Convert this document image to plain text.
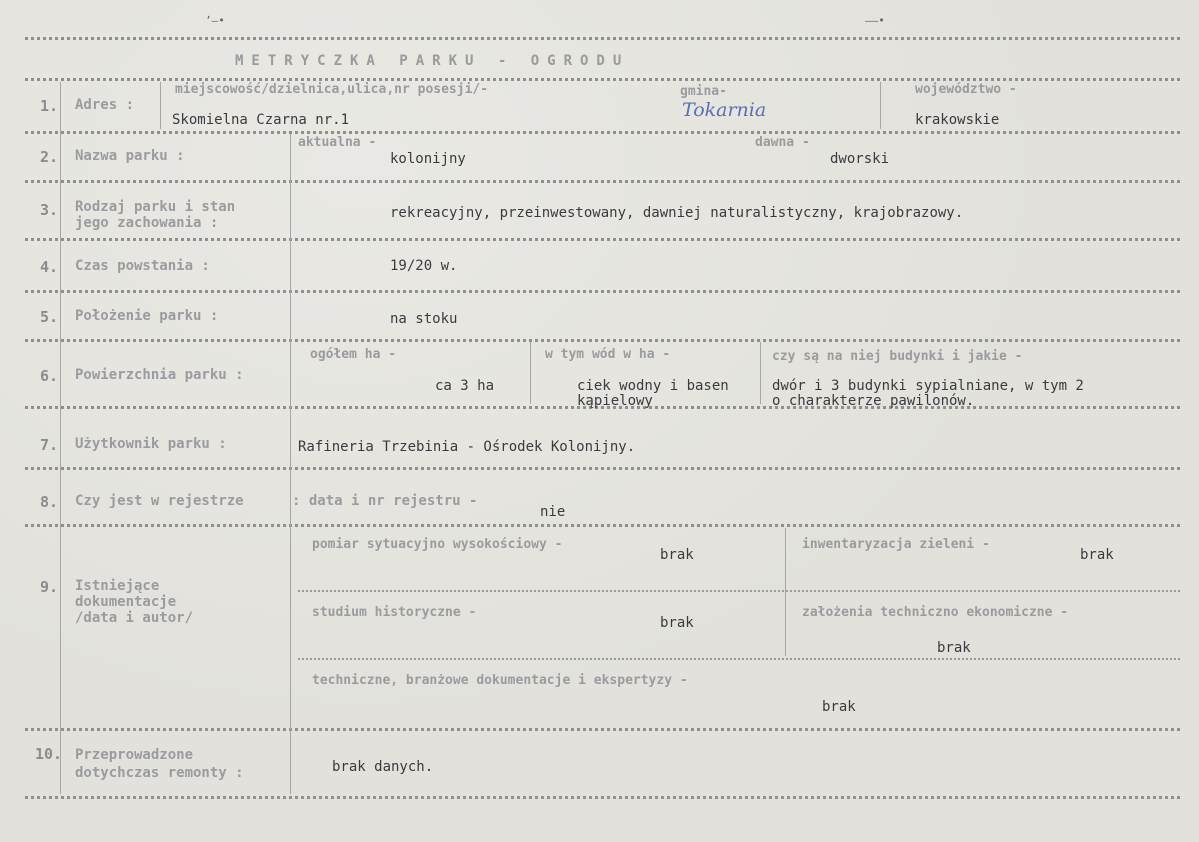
ʼ–•	––•
METRYCZKA PARKU - OGRODU
1. Adres :
miejscowość/dzielnica,ulica,nr posesji/-	gmina-	województwo -
Skomielna Czarna nr.1	Tokarnia	krakowskie
2. Nazwa parku :
aktualna -	dawna -
kolonijny	dworski
3. Rodzaj parku i stan
jego zachowania :
rekreacyjny, przeinwestowany, dawniej naturalistyczny, krajobrazowy.
4. Czas powstania :	19/20 w.
5. Położenie parku :	na stoku
6. Powierzchnia parku :
ogółem ha -	w tym wód w ha -	czy są na niej budynki i jakie -
ca 3 ha	ciek wodny i basen
kąpielowy
dwór i 3 budynki sypialniane, w tym 2
o charakterze pawilonów.
7. Użytkownik parku :	Rafineria Trzebinia - Ośrodek Kolonijny.
8. Czy jest w rejestrze	: data i nr rejestru -
nie
9. Istniejące
dokumentacje
/data i autor/
pomiar sytuacyjno wysokościowy -
brak
inwentaryzacja zieleni -
brak
studium historyczne -
brak
założenia techniczno ekonomiczne -
brak
techniczne, branżowe dokumentacje i ekspertyzy -
brak
10. Przeprowadzone
dotychczas remonty :	brak danych.
